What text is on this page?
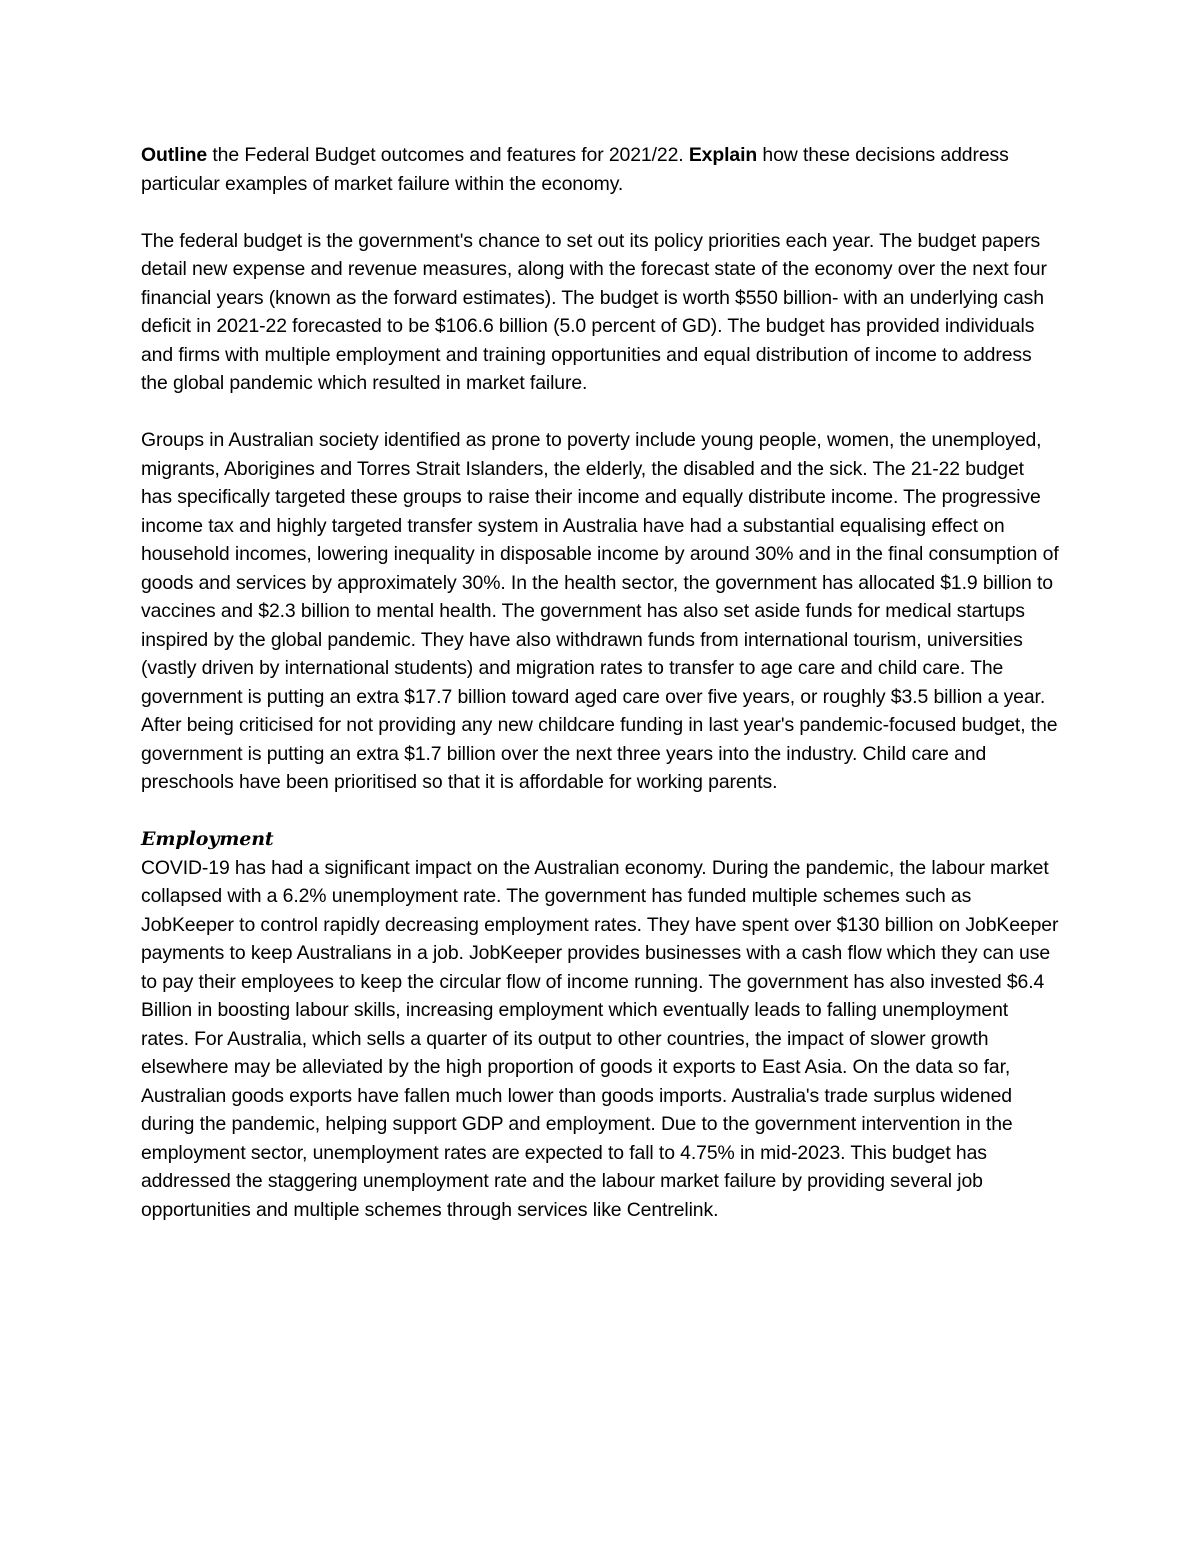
Outline the Federal Budget outcomes and features for 2021/22. Explain how these decisions address particular examples of market failure within the economy.

The federal budget is the government's chance to set out its policy priorities each year. The budget papers detail new expense and revenue measures, along with the forecast state of the economy over the next four financial years (known as the forward estimates). The budget is worth $550 billion- with an underlying cash deficit in 2021-22 forecasted to be $106.6 billion (5.0 percent of GD). The budget has provided individuals and firms with multiple employment and training opportunities and equal distribution of income to address the global pandemic which resulted in market failure.

Groups in Australian society identified as prone to poverty include young people, women, the unemployed, migrants, Aborigines and Torres Strait Islanders, the elderly, the disabled and the sick. The 21-22 budget has specifically targeted these groups to raise their income and equally distribute income. The progressive income tax and highly targeted transfer system in Australia have had a substantial equalising effect on household incomes, lowering inequality in disposable income by around 30% and in the final consumption of goods and services by approximately 30%. In the health sector, the government has allocated $1.9 billion to vaccines and $2.3 billion to mental health. The government has also set aside funds for medical startups inspired by the global pandemic. They have also withdrawn funds from international tourism, universities (vastly driven by international students) and migration rates to transfer to age care and child care. The government is putting an extra $17.7 billion toward aged care over five years, or roughly $3.5 billion a year. After being criticised for not providing any new childcare funding in last year's pandemic-focused budget, the government is putting an extra $1.7 billion over the next three years into the industry. Child care and preschools have been prioritised so that it is affordable for working parents.

Employment

COVID-19 has had a significant impact on the Australian economy. During the pandemic, the labour market collapsed with a 6.2% unemployment rate. The government has funded multiple schemes such as JobKeeper to control rapidly decreasing employment rates. They have spent over $130 billion on JobKeeper payments to keep Australians in a job. JobKeeper provides businesses with a cash flow which they can use to pay their employees to keep the circular flow of income running. The government has also invested $6.4 Billion in boosting labour skills, increasing employment which eventually leads to falling unemployment rates. For Australia, which sells a quarter of its output to other countries, the impact of slower growth elsewhere may be alleviated by the high proportion of goods it exports to East Asia. On the data so far, Australian goods exports have fallen much lower than goods imports. Australia's trade surplus widened during the pandemic, helping support GDP and employment. Due to the government intervention in the employment sector, unemployment rates are expected to fall to 4.75% in mid-2023. This budget has addressed the staggering unemployment rate and the labour market failure by providing several job opportunities and multiple schemes through services like Centrelink.
